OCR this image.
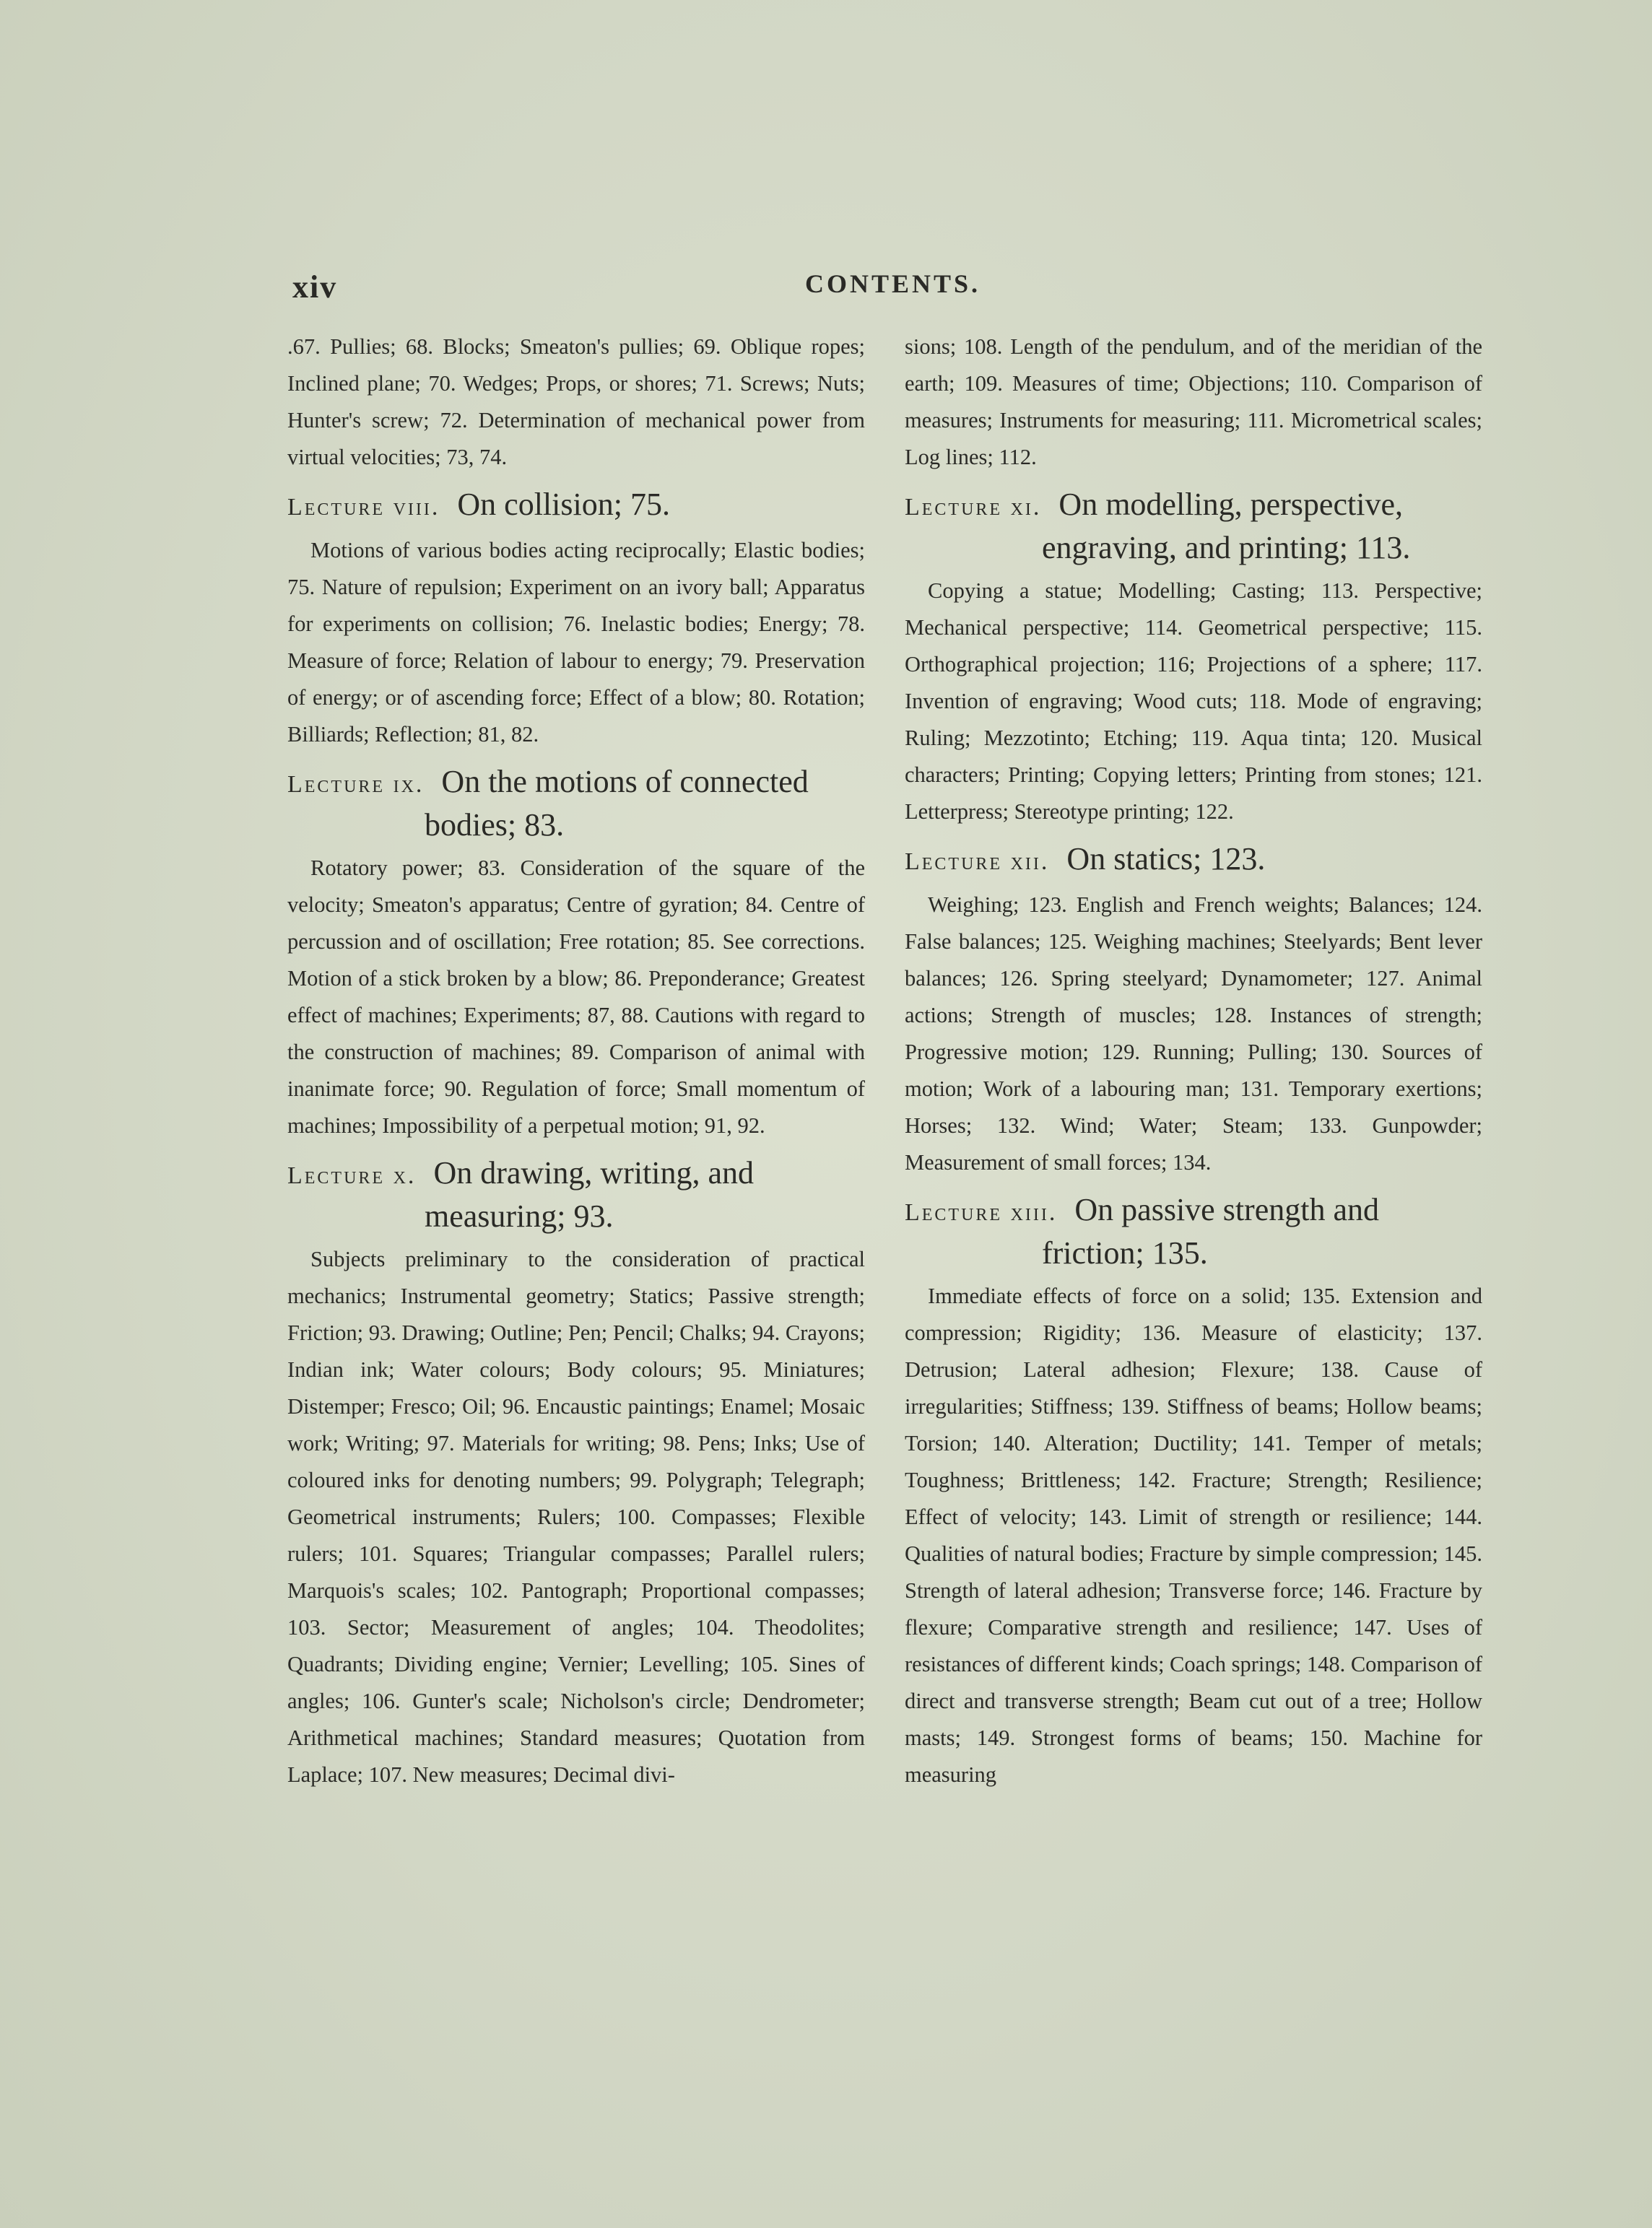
xiv	CONTENTS.

.67. Pullies; 68. Blocks; Smeaton's pullies; 69. Oblique ropes; Inclined plane; 70. Wedges; Props, or shores; 71. Screws; Nuts; Hunter's screw; 72. Determination of mechanical power from virtual velocities; 73, 74.

Lecture viii. On collision; 75.

Motions of various bodies acting reciprocally; Elastic bodies; 75. Nature of repulsion; Experiment on an ivory ball; Apparatus for experiments on collision; 76. Inelastic bodies; Energy; 78. Measure of force; Relation of labour to energy; 79. Preservation of energy; or of ascending force; Effect of a blow; 80. Rotation; Billiards; Reflection; 81, 82.

Lecture ix. On the motions of connected bodies; 83.

Rotatory power; 83. Consideration of the square of the velocity; Smeaton's apparatus; Centre of gyration; 84. Centre of percussion and of oscillation; Free rotation; 85. See corrections. Motion of a stick broken by a blow; 86. Preponderance; Greatest effect of machines; Experiments; 87, 88. Cautions with regard to the construction of machines; 89. Comparison of animal with inanimate force; 90. Regulation of force; Small momentum of machines; Impossibility of a perpetual motion; 91, 92.

Lecture x. On drawing, writing, and measuring; 93.

Subjects preliminary to the consideration of practical mechanics; Instrumental geometry; Statics; Passive strength; Friction; 93. Drawing; Outline; Pen; Pencil; Chalks; 94. Crayons; Indian ink; Water colours; Body colours; 95. Miniatures; Distemper; Fresco; Oil; 96. Encaustic paintings; Enamel; Mosaic work; Writing; 97. Materials for writing; 98. Pens; Inks; Use of coloured inks for denoting numbers; 99. Polygraph; Telegraph; Geometrical instruments; Rulers; 100. Compasses; Flexible rulers; 101. Squares; Triangular compasses; Parallel rulers; Marquois's scales; 102. Pantograph; Proportional compasses; 103. Sector; Measurement of angles; 104. Theodolites; Quadrants; Dividing engine; Vernier; Levelling; 105. Sines of angles; 106. Gunter's scale; Nicholson's circle; Dendrometer; Arithmetical machines; Standard measures; Quotation from Laplace; 107. New measures; Decimal divi-

sions; 108. Length of the pendulum, and of the meridian of the earth; 109. Measures of time; Objections; 110. Comparison of measures; Instruments for measuring; 111. Micrometrical scales; Log lines; 112.

Lecture xi. On modelling, perspective, engraving, and printing; 113.

Copying a statue; Modelling; Casting; 113. Perspective; Mechanical perspective; 114. Geometrical perspective; 115. Orthographical projection; 116; Projections of a sphere; 117. Invention of engraving; Wood cuts; 118. Mode of engraving; Ruling; Mezzotinto; Etching; 119. Aqua tinta; 120. Musical characters; Printing; Copying letters; Printing from stones; 121. Letterpress; Stereotype printing; 122.

Lecture xii. On statics; 123.

Weighing; 123. English and French weights; Balances; 124. False balances; 125. Weighing machines; Steelyards; Bent lever balances; 126. Spring steelyard; Dynamometer; 127. Animal actions; Strength of muscles; 128. Instances of strength; Progressive motion; 129. Running; Pulling; 130. Sources of motion; Work of a labouring man; 131. Temporary exertions; Horses; 132. Wind; Water; Steam; 133. Gunpowder; Measurement of small forces; 134.

Lecture xiii. On passive strength and friction; 135.

Immediate effects of force on a solid; 135. Extension and compression; Rigidity; 136. Measure of elasticity; 137. Detrusion; Lateral adhesion; Flexure; 138. Cause of irregularities; Stiffness; 139. Stiffness of beams; Hollow beams; Torsion; 140. Alteration; Ductility; 141. Temper of metals; Toughness; Brittleness; 142. Fracture; Strength; Resilience; Effect of velocity; 143. Limit of strength or resilience; 144. Qualities of natural bodies; Fracture by simple compression; 145. Strength of lateral adhesion; Transverse force; 146. Fracture by flexure; Comparative strength and resilience; 147. Uses of resistances of different kinds; Coach springs; 148. Comparison of direct and transverse strength; Beam cut out of a tree; Hollow masts; 149. Strongest forms of beams; 150. Machine for measuring
